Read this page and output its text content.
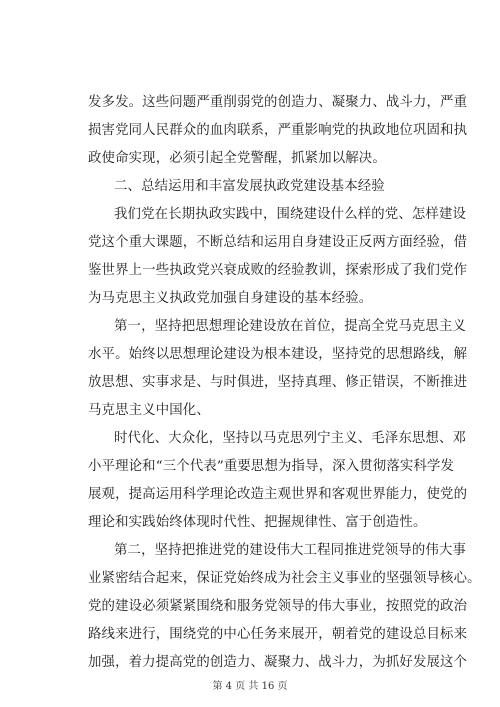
发多发。这些问题严重削弱党的创造力、凝聚力、战斗力，严重
损害党同人民群众的血肉联系，严重影响党的执政地位巩固和执
政使命实现，必须引起全党警醒，抓紧加以解决。
二、总结运用和丰富发展执政党建设基本经验
我们党在长期执政实践中，围绕建设什么样的党、怎样建设
党这个重大课题，不断总结和运用自身建设正反两方面经验，借
鉴世界上一些执政党兴衰成败的经验教训，探索形成了我们党作
为马克思主义执政党加强自身建设的基本经验。
第一，坚持把思想理论建设放在首位，提高全党马克思主义
水平。始终以思想理论建设为根本建设，坚持党的思想路线，解
放思想、实事求是、与时俱进，坚持真理、修正错误，不断推进
马克思主义中国化、
时代化、大众化，坚持以马克思列宁主义、毛泽东思想、邓
小平理论和“三个代表”重要思想为指导，深入贯彻落实科学发
展观，提高运用科学理论改造主观世界和客观世界能力，使党的
理论和实践始终体现时代性、把握规律性、富于创造性。
第二，坚持把推进党的建设伟大工程同推进党领导的伟大事
业紧密结合起来，保证党始终成为社会主义事业的坚强领导核心。
党的建设必须紧紧围绕和服务党领导的伟大事业，按照党的政治
路线来进行，围绕党的中心任务来展开，朝着党的建设总目标来
加强，着力提高党的创造力、凝聚力、战斗力，为抓好发展这个
第 4 页 共 16 页
